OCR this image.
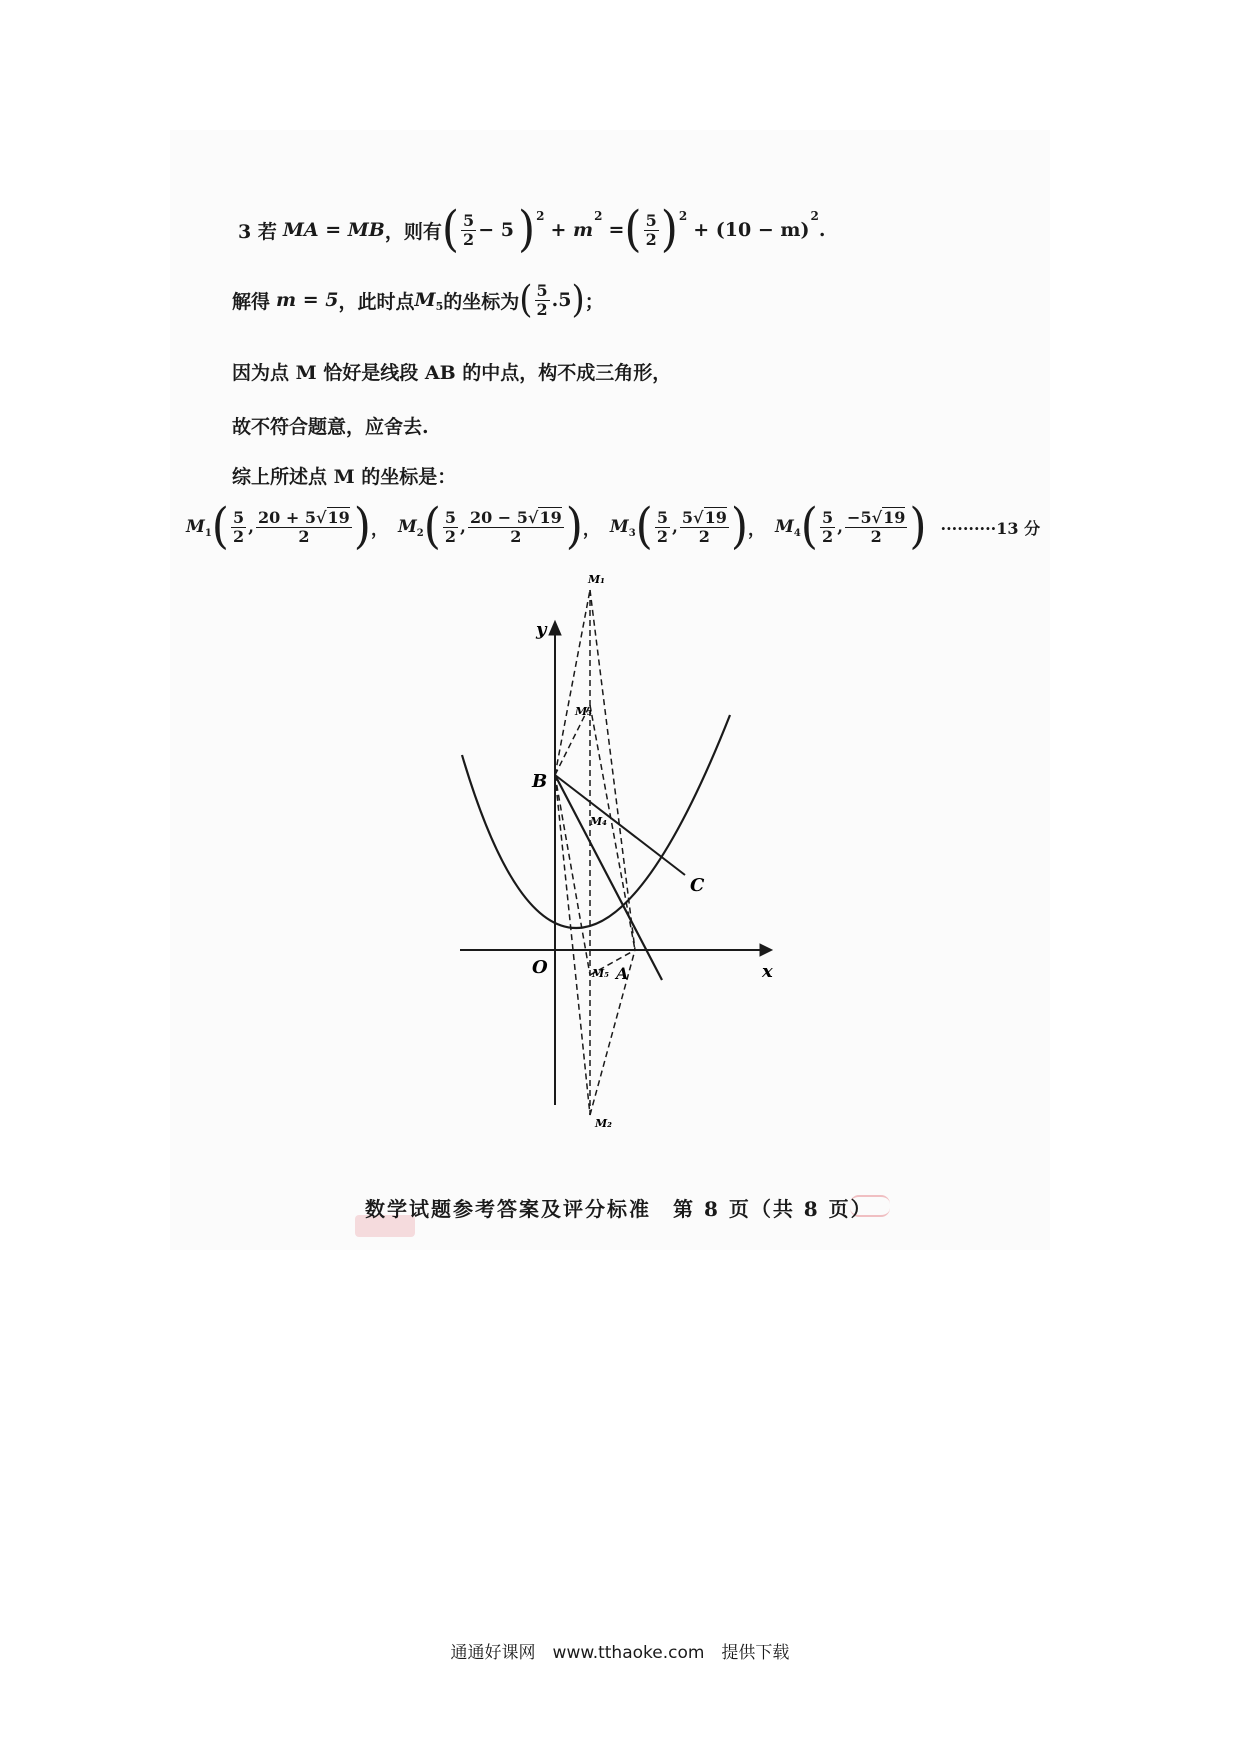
3 若 MA = MB ，则有 ( $\frac{5}{2} - 5$ ) 2
+ m
2
= ( $\frac{5}{2}$ ) 2
+ (10 − m)
2
.
解得 m = 5 ，此时点 M 5 的坐标为 ( $\frac{5}{2} .5$ ) ；
因为点 M 恰好是线段 AB 的中点，构不成三角形，
故不符合题意，应舍去.
综上所述点 M 的坐标是：
M 1 ( $\frac{5}{2}$ , $\frac{20 + 5√19}{2}$ ) ， M 2 ( $\frac{5}{2}$ , $\frac{20 - 5√19}{2}$ ) ， M 3 ( $\frac{5}{2}$ , $\frac{5√19}{2}$ ) ， M 4 ( $\frac{5}{2}$ , $\frac{-5√19}{2}$ ) ··········13 分
y
x
O	A
B
C
M₁
M₂
M₃
M₄
M₅
数学试题参考答案及评分标准　第 8 页（共 8 页）
通通好课网　www.tthaoke.com　提供下载
